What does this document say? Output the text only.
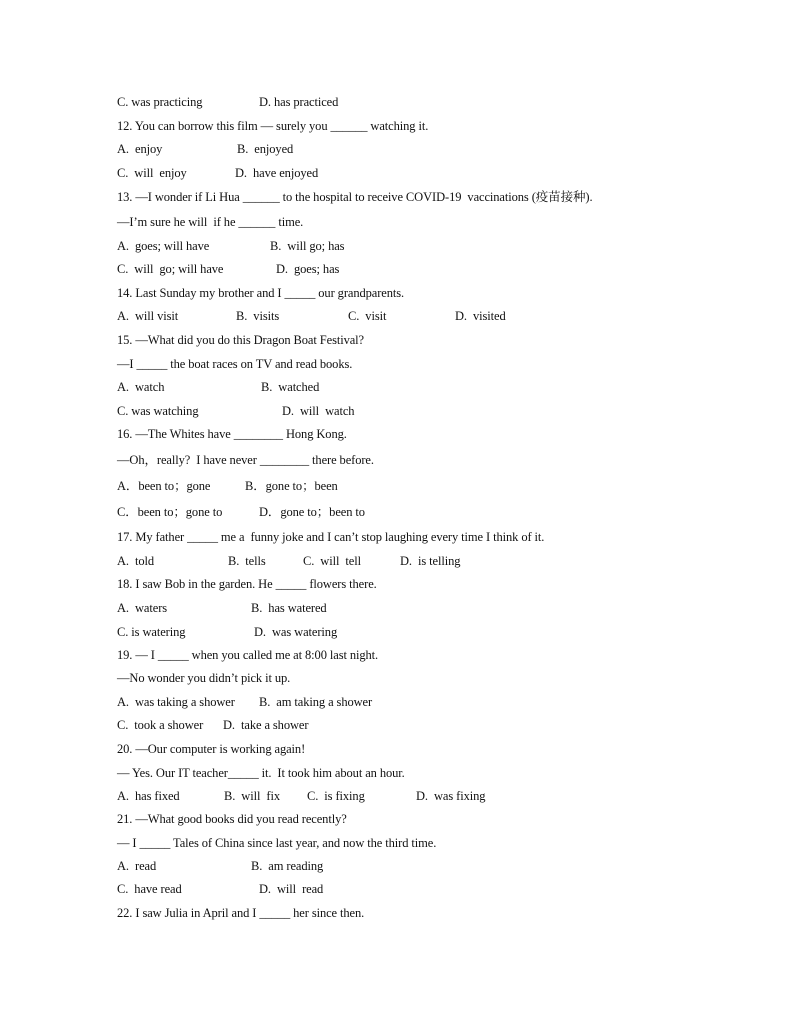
C. was practicing

	D. has practiced

12. You can borrow this film — surely you ______ watching it.

A.  enjoy

	B.  enjoyed

C.  will  enjoy

	D.  have enjoyed

13. —I wonder if Li Hua ______ to the hospital to receive COVID-19  vaccinations (疫苗接种).
—I’m sure he will  if he ______ time.

A.  goes; will have

	B.  will go; has

C.  will  go; will have

	D.  goes; has

14. Last Sunday my brother and I _____ our grandparents.

A.  will visit

	B.  visits

	C.  visit

	D.  visited

15. —What did you do this Dragon Boat Festival?
—I _____ the boat races on TV and read books.

A.  watch

	B.  watched

C. was watching

	D.  will  watch

16. —The Whites have ________ Hong Kong.
—Oh，really?  I have never ________ there before.

A．been to；gone

	B．gone to；been

C．been to；gone to

	D．gone to；been to

17. My father _____ me a  funny joke and I can’t stop laughing every time I think of it.

A.  told

	B.  tells

	C.  will  tell

	D.  is telling

18. I saw Bob in the garden. He _____ flowers there.

A.  waters

	B.  has watered

C. is watering

	D.  was watering

19. — I _____ when you called me at 8:00 last night.
—No wonder you didn’t pick it up.

A.  was taking a shower

B.  am taking a shower

C.  took a shower

D.  take a shower

20. —Our computer is working again!
— Yes. Our IT teacher_____ it.  It took him about an hour.

A.  has fixed

	B.  will  fix

C.  is fixing

	D.  was fixing

21. —What good books did you read recently?
— I _____ Tales of China since last year, and now the third time.

A.  read

	B.  am reading

C.  have read

	D.  will  read

22. I saw Julia in April and I _____ her since then.
